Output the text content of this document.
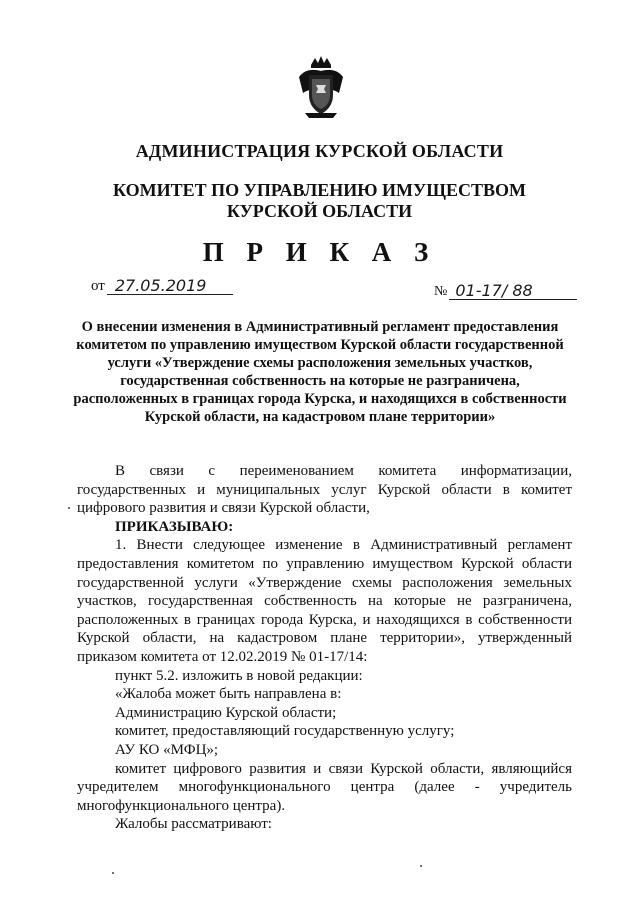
АДМИНИСТРАЦИЯ КУРСКОЙ ОБЛАСТИ
КОМИТЕТ ПО УПРАВЛЕНИЮ ИМУЩЕСТВОМ
КУРСКОЙ ОБЛАСТИ
П Р И К А З
от 27.05.2019	№ 01-17/ 88
О внесении изменения в Административный регламент предоставления комитетом по управлению имуществом Курской области государственной услуги «Утверждение схемы расположения земельных участков, государственная собственность на которые не разграничена, расположенных в границах города Курска, и находящихся в собственности Курской области, на кадастровом плане территории»

В связи с переименованием комитета информатизации, государственных и муниципальных услуг Курской области в комитет цифрового развития и связи Курской области,

ПРИКАЗЫВАЮ:

1. Внести следующее изменение в Административный регламент предоставления комитетом по управлению имуществом Курской области государственной услуги «Утверждение схемы расположения земельных участков, государственная собственность на которые не разграничена, расположенных в границах города Курска, и находящихся в собственности Курской области, на кадастровом плане территории», утвержденный приказом комитета от 12.02.2019 № 01-17/14:

пункт 5.2. изложить в новой редакции:

«Жалоба может быть направлена в:

Администрацию Курской области;

комитет, предоставляющий государственную услугу;

АУ КО «МФЦ»;

комитет цифрового развития и связи Курской области, являющийся учредителем многофункционального центра (далее - учредитель многофункционального центра).

Жалобы рассматривают:
